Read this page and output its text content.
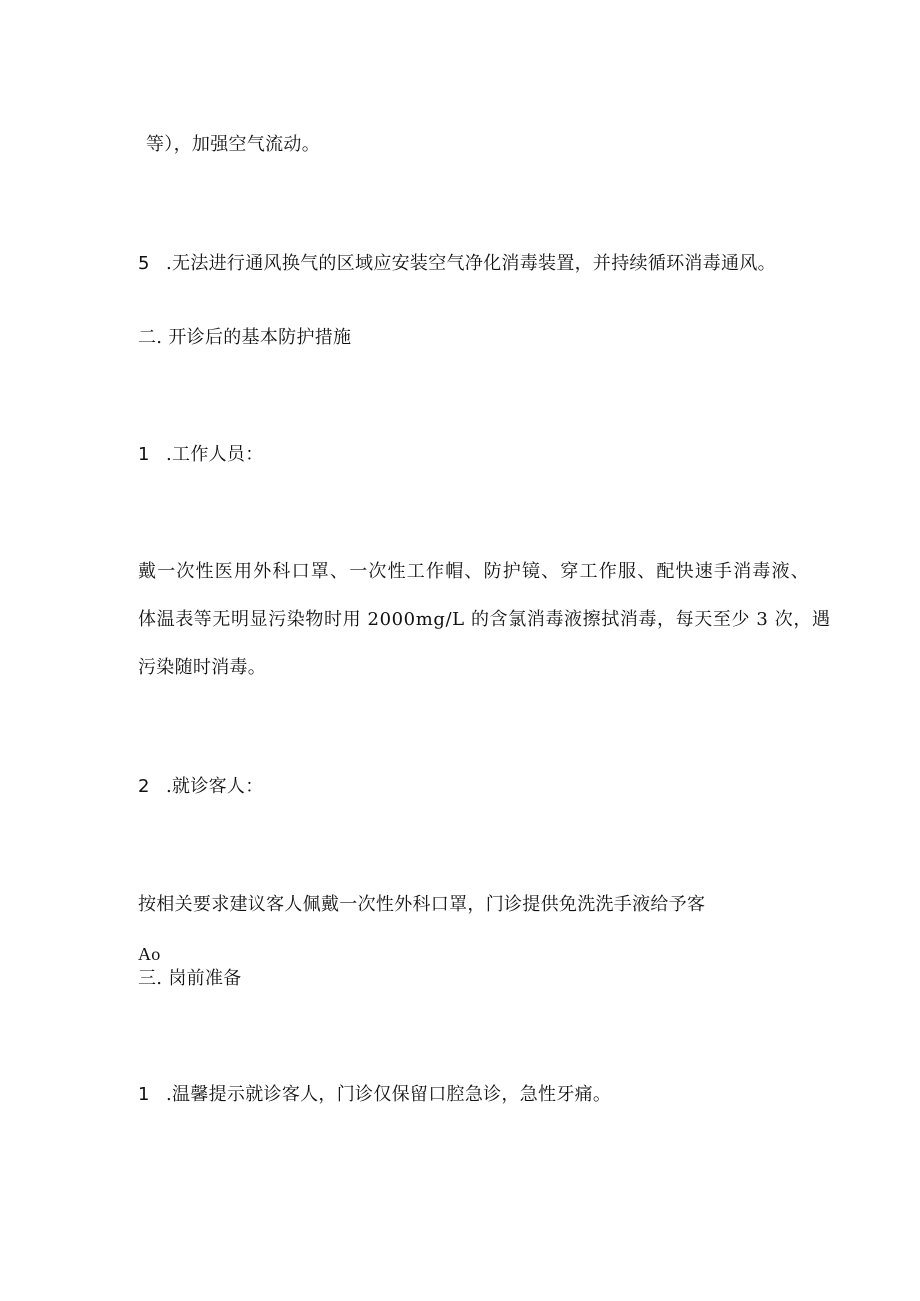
等），加强空气流动。
5 .无法进行通风换气的区域应安装空气净化消毒装置，并持续循环消毒通风。
二. 开诊后的基本防护措施
1 .工作人员：
戴一次性医用外科口罩、一次性工作帽、防护镜、穿工作服、配快速手消毒液、
体温表等无明显污染物时用 2000mg/L 的含氯消毒液擦拭消毒，每天至少 3 次，遇
污染随时消毒。
2 .就诊客人：
按相关要求建议客人佩戴一次性外科口罩，门诊提供免洗洗手液给予客
Ao
三. 岗前准备
1 .温馨提示就诊客人，门诊仅保留口腔急诊，急性牙痛。
